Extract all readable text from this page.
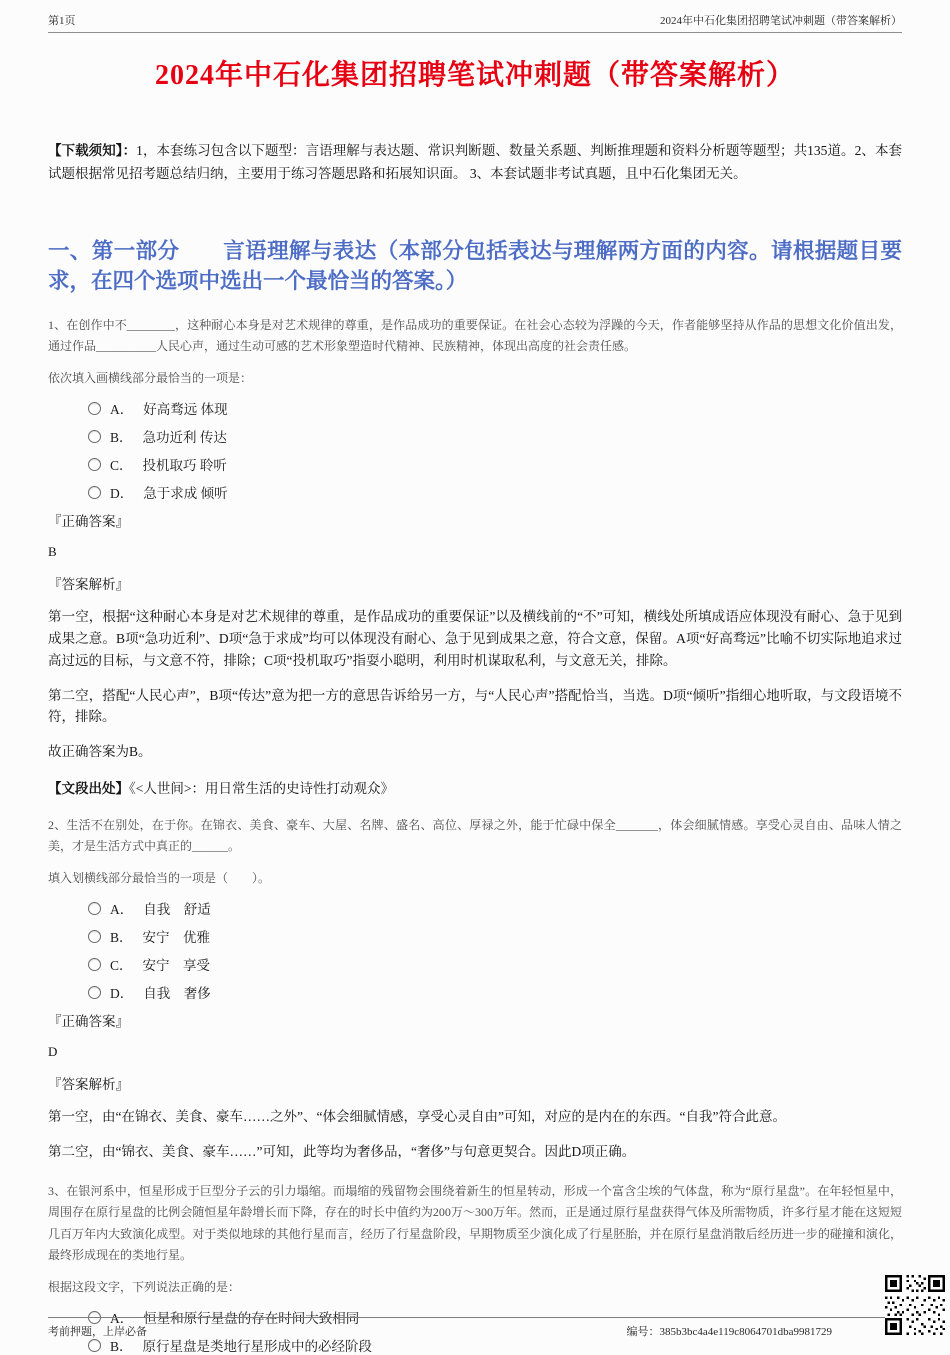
第1页	2024年中石化集团招聘笔试冲刺题（带答案解析）
2024年中石化集团招聘笔试冲刺题（带答案解析）

【下载须知】：1，本套练习包含以下题型：言语理解与表达题、常识判断题、数量关系题、判断推理题和资料分析题等题型；共135道。2、本套试题根据常见招考题总结归纳，主要用于练习答题思路和拓展知识面。 3、本套试题非考试真题，且中石化集团无关。

一、第一部分　　言语理解与表达（本部分包括表达与理解两方面的内容。请根据题目要求，在四个选项中选出一个最恰当的答案。）

1、在创作中不________，这种耐心本身是对艺术规律的尊重，是作品成功的重要保证。在社会心态较为浮躁的今天，作者能够坚持从作品的思想文化价值出发，通过作品__________人民心声，通过生动可感的艺术形象塑造时代精神、民族精神，体现出高度的社会责任感。

依次填入画横线部分最恰当的一项是：

A． 好高骛远 体现
B． 急功近利 传达
C． 投机取巧 聆听
D． 急于求成 倾听

『正确答案』

B

『答案解析』

第一空，根据“这种耐心本身是对艺术规律的尊重，是作品成功的重要保证”以及横线前的“不”可知，横线处所填成语应体现没有耐心、急于见到成果之意。B项“急功近利”、D项“急于求成”均可以体现没有耐心、急于见到成果之意，符合文意，保留。A项“好高骛远”比喻不切实际地追求过高过远的目标，与文意不符，排除；C项“投机取巧”指耍小聪明，利用时机谋取私利，与文意无关，排除。

第二空，搭配“人民心声”，B项“传达”意为把一方的意思告诉给另一方，与“人民心声”搭配恰当，当选。D项“倾听”指细心地听取，与文段语境不符，排除。

故正确答案为B。

【文段出处】《<人世间>：用日常生活的史诗性打动观众》

2、生活不在别处，在于你。在锦衣、美食、豪车、大屋、名牌、盛名、高位、厚禄之外，能于忙碌中保全_______，体会细腻情感。享受心灵自由、品味人情之美，才是生活方式中真正的______。

填入划横线部分最恰当的一项是（　　）。

A． 自我　舒适
B． 安宁　优雅
C． 安宁　享受
D． 自我　奢侈

『正确答案』

D

『答案解析』

第一空，由“在锦衣、美食、豪车……之外”、“体会细腻情感，享受心灵自由”可知，对应的是内在的东西。“自我”符合此意。

第二空，由“锦衣、美食、豪车……”可知，此等均为奢侈品，“奢侈”与句意更契合。因此D项正确。

3、在银河系中，恒星形成于巨型分子云的引力塌缩。而塌缩的残留物会围绕着新生的恒星转动，形成一个富含尘埃的气体盘，称为“原行星盘”。在年轻恒星中，周围存在原行星盘的比例会随恒星年龄增长而下降，存在的时长中值约为200万～300万年。然而，正是通过原行星盘获得气体及所需物质，许多行星才能在这短短几百万年内大致演化成型。对于类似地球的其他行星而言，经历了行星盘阶段，早期物质至少演化成了行星胚胎，并在原行星盘消散后经历进一步的碰撞和演化，最终形成现在的类地行星。

根据这段文字，下列说法正确的是：

A． 恒星和原行星盘的存在时间大致相同
B． 原行星盘是类地行星形成中的必经阶段
考前押题，上岸必备	编号：385b3bc4a4e119c8064701dba9981729
